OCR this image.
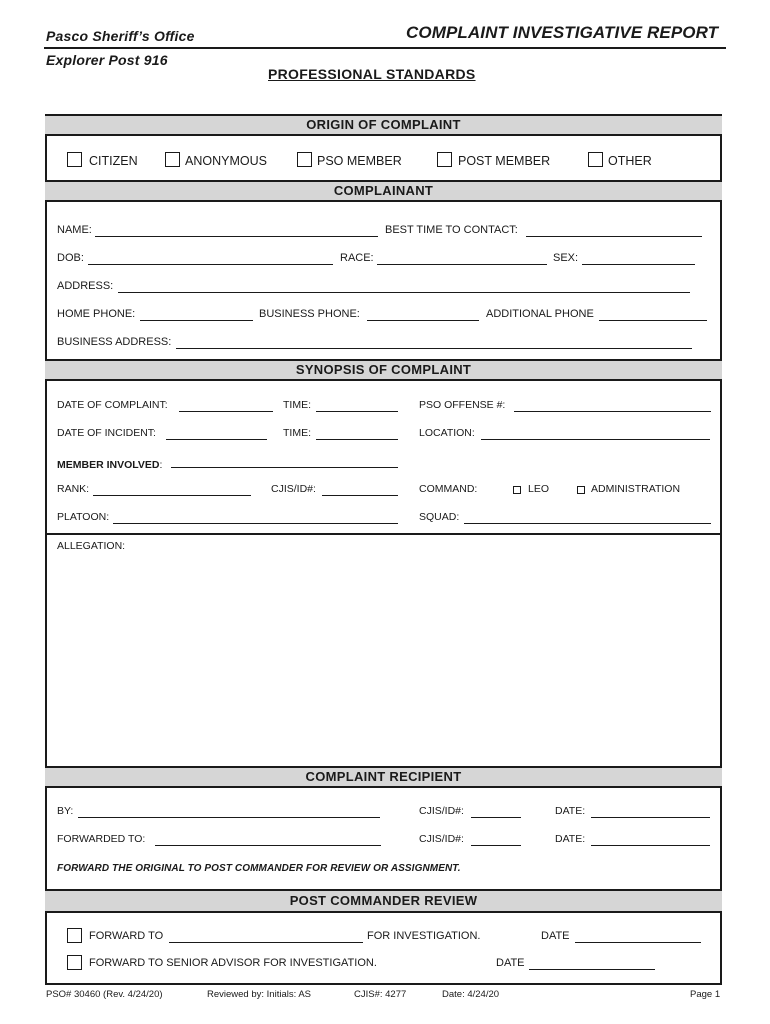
Pasco Sheriff’s Office	COMPLAINT INVESTIGATIVE REPORT
Explorer Post 916
PROFESSIONAL STANDARDS
ORIGIN OF COMPLAINT
CITIZEN	ANONYMOUS	PSO MEMBER	POST MEMBER	OTHER
COMPLAINANT
NAME:	BEST TIME TO CONTACT:
DOB:	RACE:	SEX:
ADDRESS:
HOME PHONE:	BUSINESS PHONE:	ADDITIONAL PHONE
BUSINESS ADDRESS:
SYNOPSIS OF COMPLAINT
DATE OF COMPLAINT:	TIME:	PSO OFFENSE #:
DATE OF INCIDENT:	TIME:	LOCATION:
MEMBER INVOLVED:
RANK:	CJIS/ID#:	COMMAND:	LEO	ADMINISTRATION
PLATOON:	SQUAD:
ALLEGATION:
COMPLAINT RECIPIENT
BY:	CJIS/ID#:	DATE:
FORWARDED TO:	CJIS/ID#:	DATE:
FORWARD THE ORIGINAL TO POST COMMANDER FOR REVIEW OR ASSIGNMENT.
POST COMMANDER REVIEW
FORWARD TO	FOR INVESTIGATION.	DATE
FORWARD TO SENIOR ADVISOR FOR INVESTIGATION.	DATE
PSO# 30460 (Rev. 4/24/20)	Reviewed by: Initials: AS	CJIS#: 4277	Date: 4/24/20	Page 1
